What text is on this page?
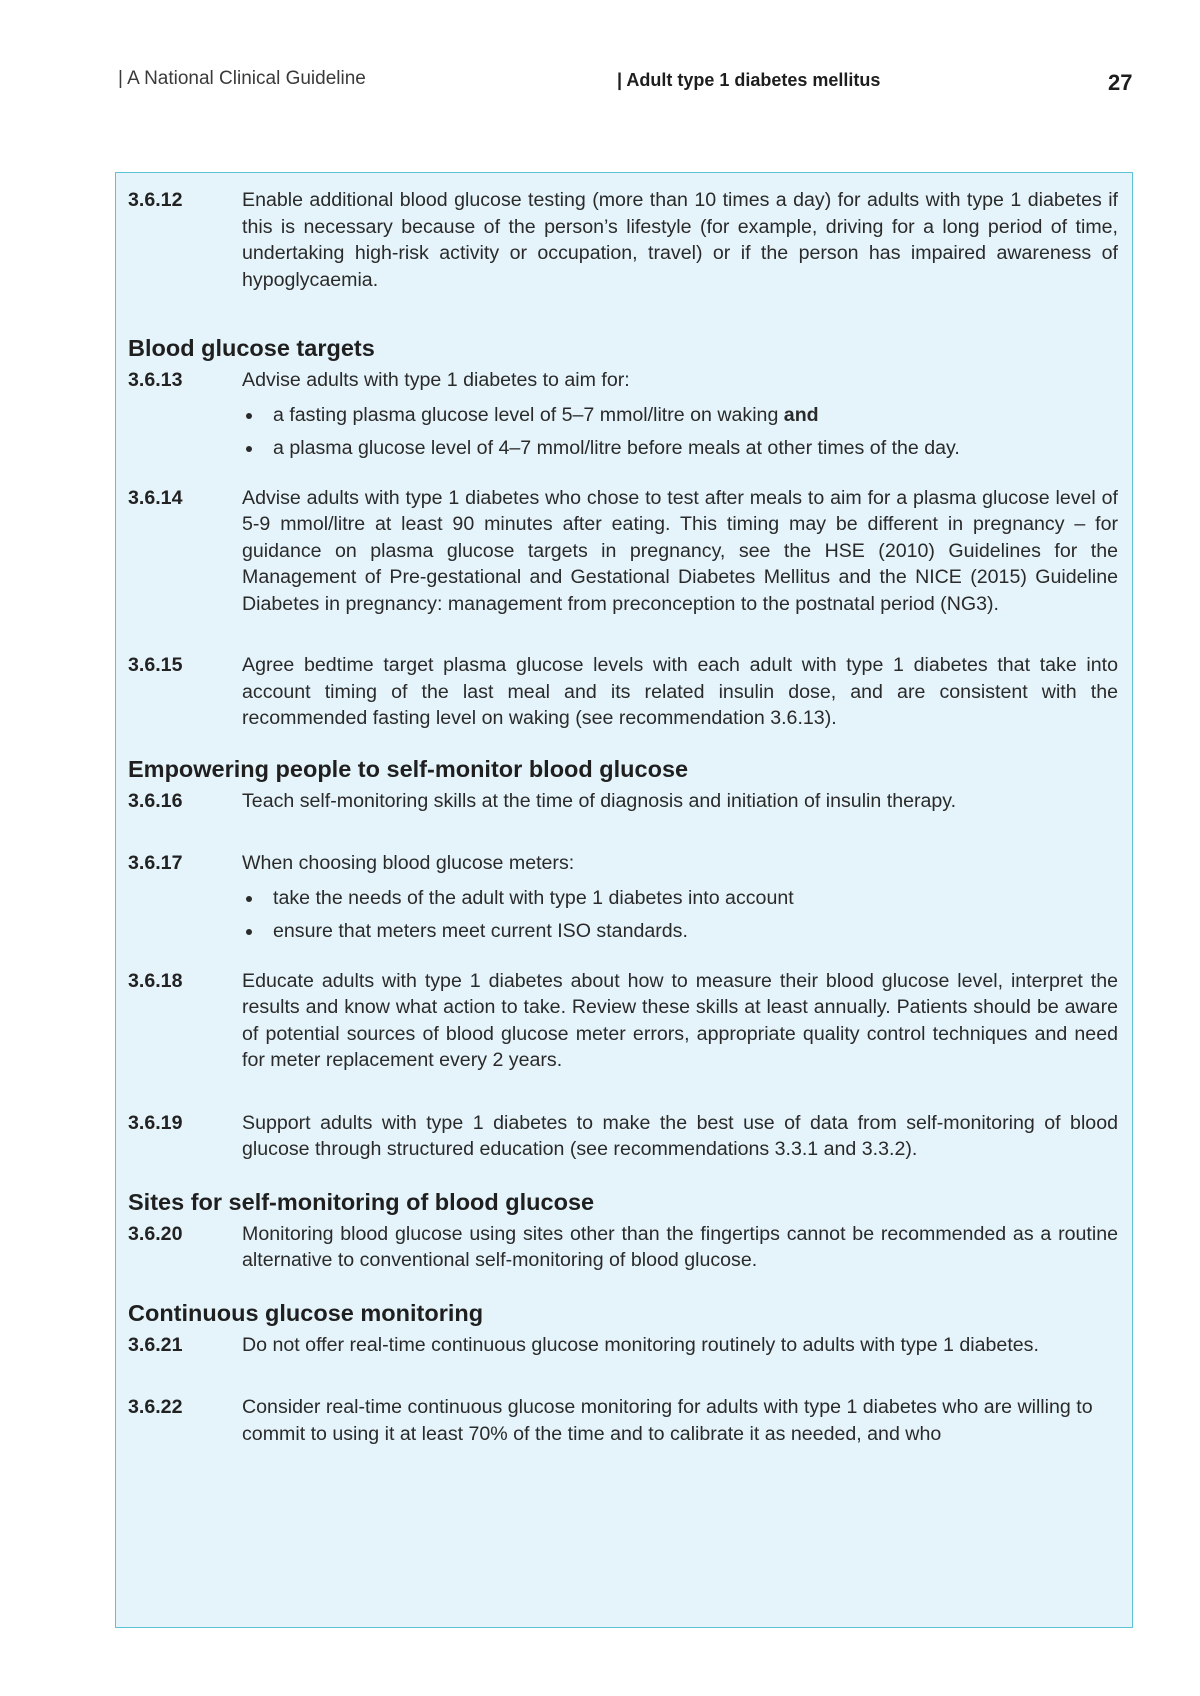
| A National Clinical Guideline	| Adult type 1 diabetes mellitus	27
3.6.12	Enable additional blood glucose testing (more than 10 times a day) for adults with type 1 diabetes if this is necessary because of the person’s lifestyle (for example, driving for a long period of time, undertaking high-risk activity or occupation, travel) or if the person has impaired awareness of hypoglycaemia.
Blood glucose targets
3.6.13	Advise adults with type 1 diabetes to aim for:
a fasting plasma glucose level of 5–7 mmol/litre on waking and
a plasma glucose level of 4–7 mmol/litre before meals at other times of the day.
3.6.14	Advise adults with type 1 diabetes who chose to test after meals to aim for a plasma glucose level of 5-9 mmol/litre at least 90 minutes after eating. This timing may be different in pregnancy – for guidance on plasma glucose targets in pregnancy, see the HSE (2010) Guidelines for the Management of Pre-gestational and Gestational Diabetes Mellitus and the NICE (2015) Guideline Diabetes in pregnancy: management from preconception to the postnatal period (NG3).
3.6.15	Agree bedtime target plasma glucose levels with each adult with type 1 diabetes that take into account timing of the last meal and its related insulin dose, and are consistent with the recommended fasting level on waking (see recommendation 3.6.13).
Empowering people to self-monitor blood glucose
3.6.16	Teach self-monitoring skills at the time of diagnosis and initiation of insulin therapy.
3.6.17	When choosing blood glucose meters:
take the needs of the adult with type 1 diabetes into account
ensure that meters meet current ISO standards.
3.6.18	Educate adults with type 1 diabetes about how to measure their blood glucose level, interpret the results and know what action to take. Review these skills at least annually. Patients should be aware of potential sources of blood glucose meter errors, appropriate quality control techniques and need for meter replacement every 2 years.
3.6.19	Support adults with type 1 diabetes to make the best use of data from self-monitoring of blood glucose through structured education (see recommendations 3.3.1 and 3.3.2).
Sites for self-monitoring of blood glucose
3.6.20	Monitoring blood glucose using sites other than the fingertips cannot be recommended as a routine alternative to conventional self-monitoring of blood glucose.
Continuous glucose monitoring
3.6.21	Do not offer real-time continuous glucose monitoring routinely to adults with type 1 diabetes.
3.6.22	Consider real-time continuous glucose monitoring for adults with type 1 diabetes who are willing to commit to using it at least 70% of the time and to calibrate it as needed, and who
